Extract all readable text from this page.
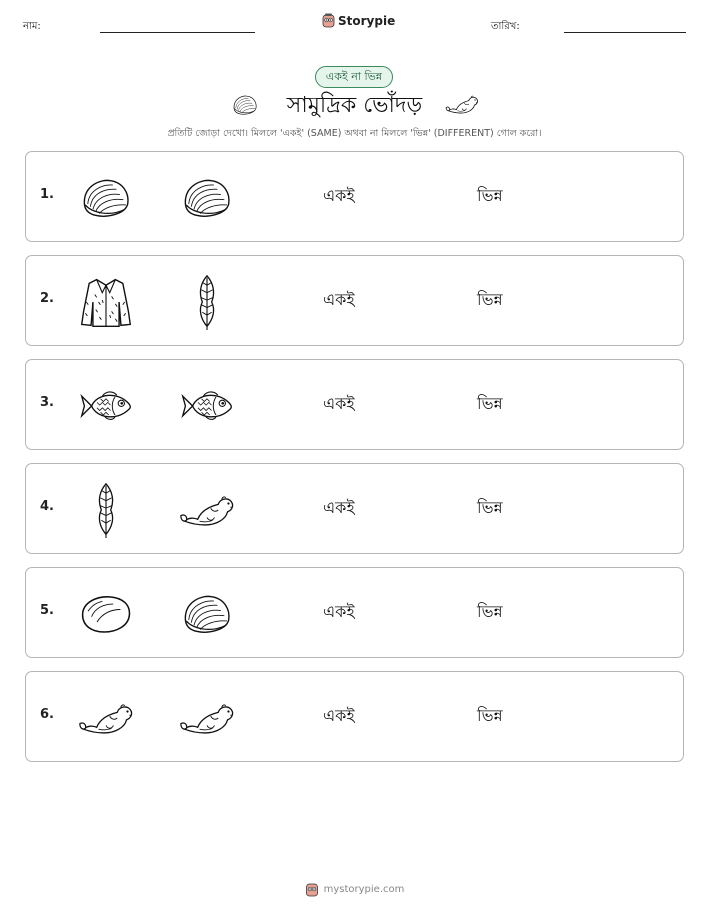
নাম:	Storypie	তারিখ:
একই না ভিন্ন
সামুদ্রিক ভোঁদড়
প্রতিটি জোড়া দেখো। মিললে 'একই' (SAME) অথবা না মিললে 'ভিন্ন' (DIFFERENT) গোল করো।
1.	একই	ভিন্ন
2.	একই	ভিন্ন
3.	একই	ভিন্ন
4.	একই	ভিন্ন
5.	একই	ভিন্ন
6.	একই	ভিন্ন
mystorypie.com
